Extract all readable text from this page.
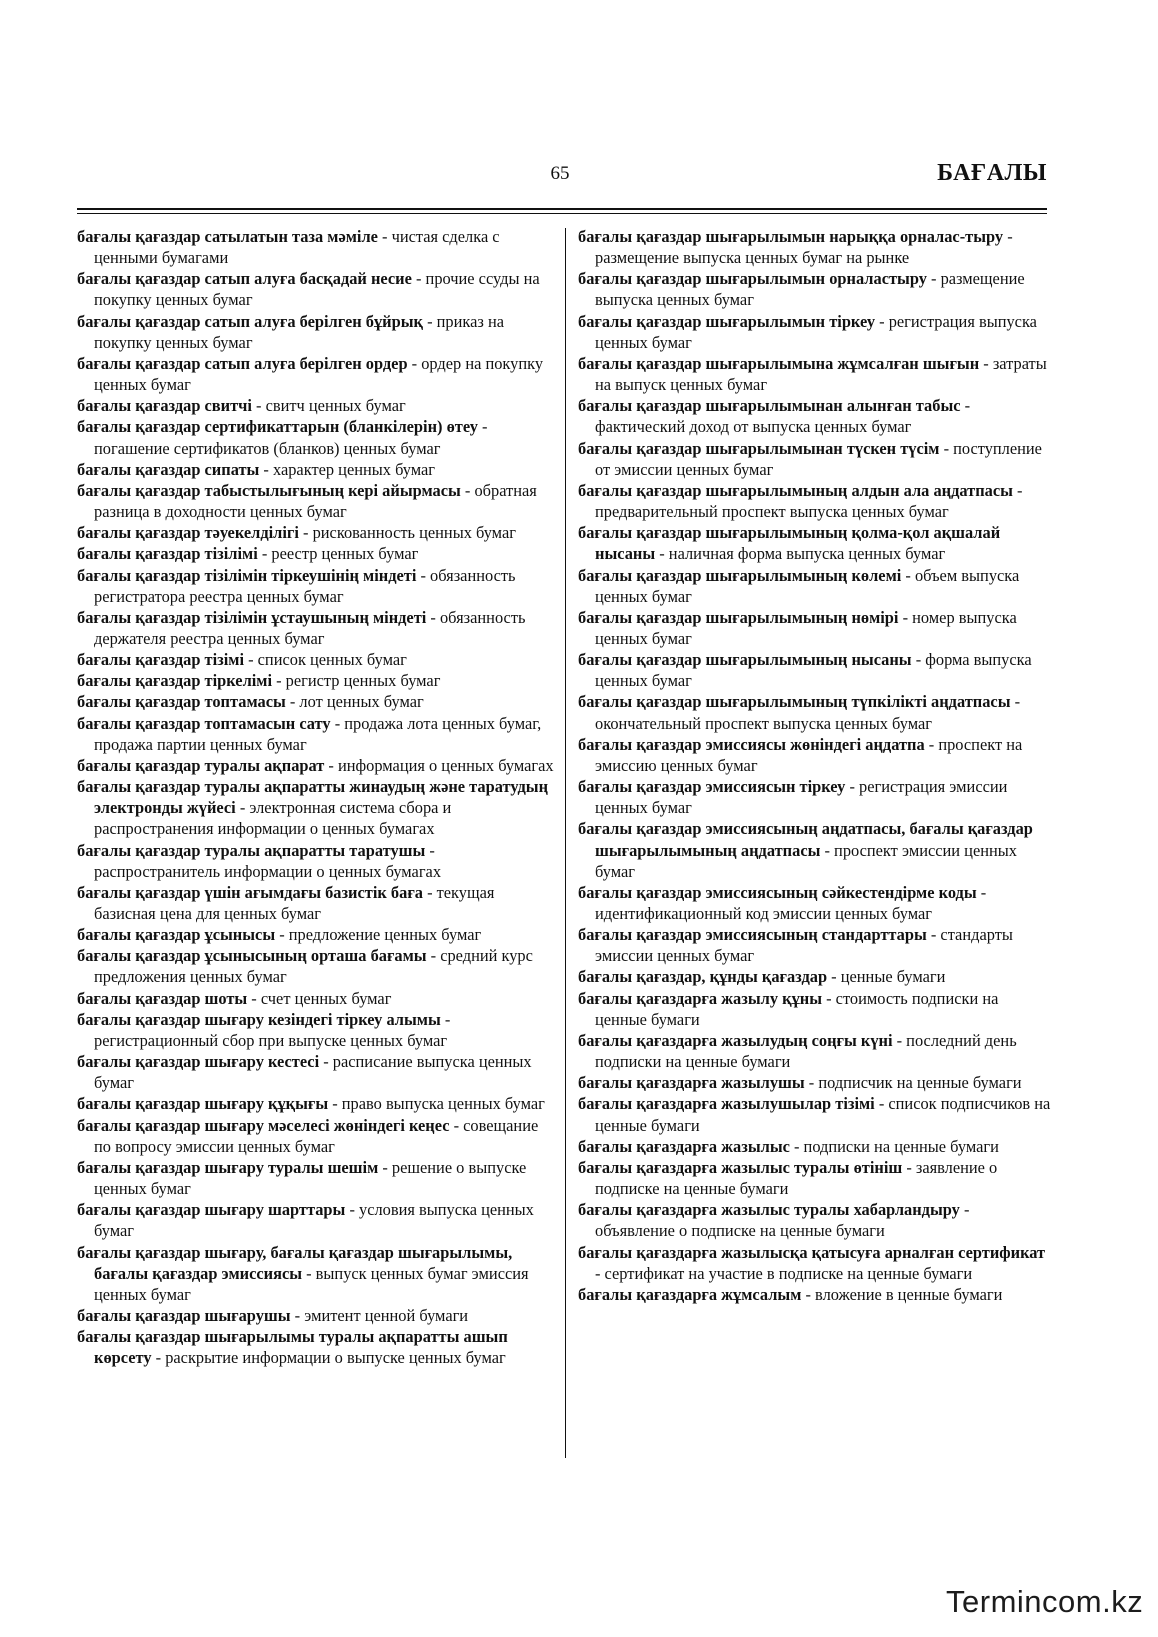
65	БАҒАЛЫ

бағалы қағаздар сатылатын таза мәміле - чистая сделка с ценными бумагами

бағалы қағаздар сатып алуға басқадай несие - прочие ссуды на покупку ценных бумаг

бағалы қағаздар сатып алуға берілген бұйрық - приказ на покупку ценных бумаг

бағалы қағаздар сатып алуға берілген ордер - ордер на покупку ценных бумаг

бағалы қағаздар свитчі - свитч ценных бумаг

бағалы қағаздар сертификаттарын (бланкілерін) өтеу - погашение сертификатов (бланков) ценных бумаг

бағалы қағаздар сипаты - характер ценных бумаг

бағалы қағаздар табыстылығының кері айырмасы - обратная разница в доходности ценных бумаг

бағалы қағаздар тәуекелділігі - рискованность ценных бумаг

бағалы қағаздар тізілімі - реестр ценных бумаг

бағалы қағаздар тізілімін тіркеушінің міндеті - обязанность регистратора реестра ценных бумаг

бағалы қағаздар тізілімін ұстаушының міндеті - обязанность держателя реестра ценных бумаг

бағалы қағаздар тізімі - список ценных бумаг

бағалы қағаздар тіркелімі - регистр ценных бумаг

бағалы қағаздар топтамасы - лот ценных бумаг

бағалы қағаздар топтамасын сату - продажа лота ценных бумаг, продажа партии ценных бумаг

бағалы қағаздар туралы ақпарат - информация о ценных бумагах

бағалы қағаздар туралы ақпаратты жинаудың және таратудың электронды жүйесі - электронная система сбора и распространения информации о ценных бумагах

бағалы қағаздар туралы ақпаратты таратушы - распространитель информации о ценных бумагах

бағалы қағаздар үшін ағымдағы базистік баға - текущая базисная цена для ценных бумаг

бағалы қағаздар ұсынысы - предложение ценных бумаг

бағалы қағаздар ұсынысының орташа бағамы - средний курс предложения ценных бумаг

бағалы қағаздар шоты - счет ценных бумаг

бағалы қағаздар шығару кезіндегі тіркеу алымы - регистрационный сбор при выпуске ценных бумаг

бағалы қағаздар шығару кестесі - расписание выпуска ценных бумаг

бағалы қағаздар шығару құқығы - право выпуска ценных бумаг

бағалы қағаздар шығару мәселесі жөніндегі кеңес - совещание по вопросу эмиссии ценных бумаг

бағалы қағаздар шығару туралы шешім - решение о выпуске ценных бумаг

бағалы қағаздар шығару шарттары - условия выпуска ценных бумаг

бағалы қағаздар шығару, бағалы қағаздар шығарылымы, бағалы қағаздар эмиссиясы - выпуск ценных бумаг эмиссия ценных бумаг

бағалы қағаздар шығарушы - эмитент ценной бумаги

бағалы қағаздар шығарылымы туралы ақпаратты ашып көрсету - раскрытие информации о выпуске ценных бумаг

бағалы қағаздар шығарылымын нарыққа орналас-тыру - размещение выпуска ценных бумаг на рынке

бағалы қағаздар шығарылымын орналастыру - размещение выпуска ценных бумаг

бағалы қағаздар шығарылымын тіркеу - регистрация выпуска ценных бумаг

бағалы қағаздар шығарылымына жұмсалған шығын - затраты на выпуск ценных бумаг

бағалы қағаздар шығарылымынан алынған табыс - фактический доход от выпуска ценных бумаг

бағалы қағаздар шығарылымынан түскен түсім - поступление от эмиссии ценных бумаг

бағалы қағаздар шығарылымының алдын ала аңдатпасы - предварительный проспект выпуска ценных бумаг

бағалы қағаздар шығарылымының қолма-қол ақшалай нысаны - наличная форма выпуска ценных бумаг

бағалы қағаздар шығарылымының көлемі - объем выпуска ценных бумаг

бағалы қағаздар шығарылымының нөмірі - номер выпуска ценных бумаг

бағалы қағаздар шығарылымының нысаны - форма выпуска ценных бумаг

бағалы қағаздар шығарылымының түпкілікті аңдатпасы - окончательный проспект выпуска ценных бумаг

бағалы қағаздар эмиссиясы жөніндегі аңдатпа - проспект на эмиссию ценных бумаг

бағалы қағаздар эмиссиясын тіркеу - регистрация эмиссии ценных бумаг

бағалы қағаздар эмиссиясының аңдатпасы, бағалы қағаздар шығарылымының аңдатпасы - проспект эмиссии ценных бумаг

бағалы қағаздар эмиссиясының сәйкестендірме коды - идентификационный код эмиссии ценных бумаг

бағалы қағаздар эмиссиясының стандарттары - стандарты эмиссии ценных бумаг

бағалы қағаздар, құнды қағаздар - ценные бумаги

бағалы қағаздарға жазылу құны - стоимость подписки на ценные бумаги

бағалы қағаздарға жазылудың соңғы күні - последний день подписки на ценные бумаги

бағалы қағаздарға жазылушы - подписчик на ценные бумаги

бағалы қағаздарға жазылушылар тізімі - список подписчиков на ценные бумаги

бағалы қағаздарға жазылыс - подписки на ценные бумаги

бағалы қағаздарға жазылыс туралы өтініш - заявление о подписке на ценные бумаги

бағалы қағаздарға жазылыс туралы хабарландыру - объявление о подписке на ценные бумаги

бағалы қағаздарға жазылысқа қатысуға арналған сертификат - сертификат на участие в подписке на ценные бумаги

бағалы қағаздарға жұмсалым - вложение в ценные бумаги

Termincom.kz
